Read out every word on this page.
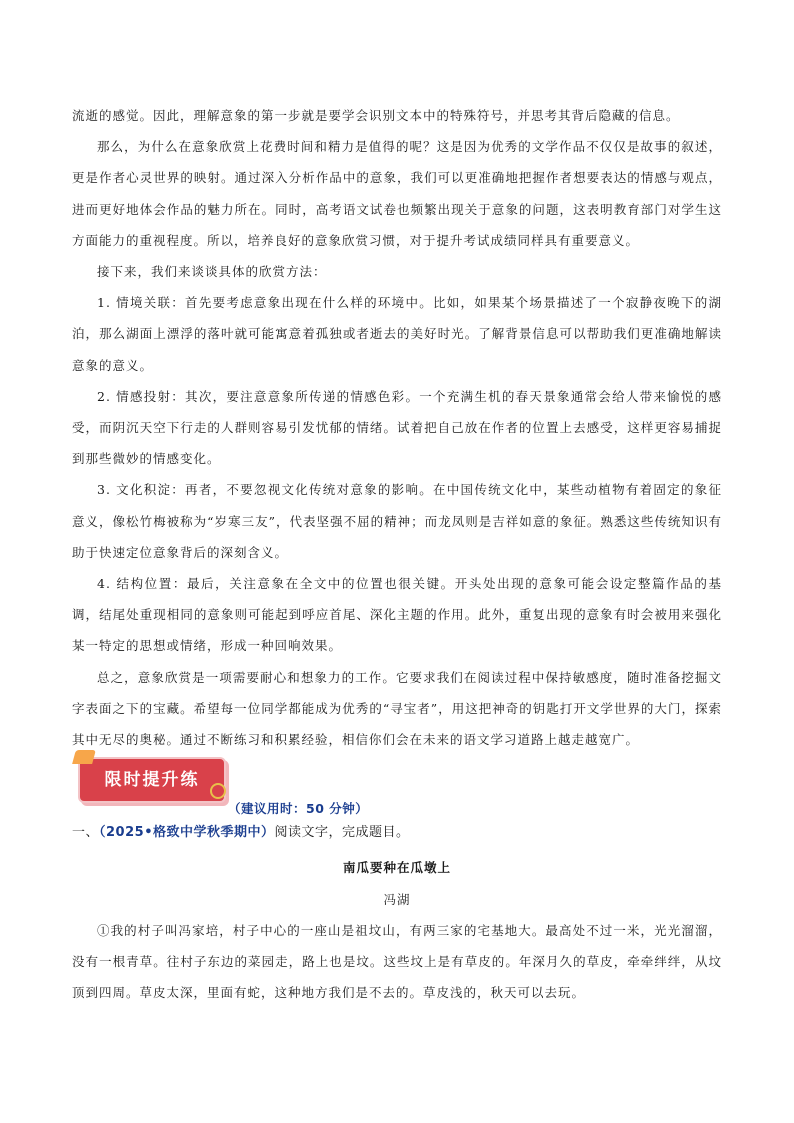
流逝的感觉。因此，理解意象的第一步就是要学会识别文本中的特殊符号，并思考其背后隐藏的信息。

那么，为什么在意象欣赏上花费时间和精力是值得的呢？这是因为优秀的文学作品不仅仅是故事的叙述，更是作者心灵世界的映射。通过深入分析作品中的意象，我们可以更准确地把握作者想要表达的情感与观点，进而更好地体会作品的魅力所在。同时，高考语文试卷也频繁出现关于意象的问题，这表明教育部门对学生这方面能力的重视程度。所以，培养良好的意象欣赏习惯，对于提升考试成绩同样具有重要意义。

接下来，我们来谈谈具体的欣赏方法：

1. 情境关联：首先要考虑意象出现在什么样的环境中。比如，如果某个场景描述了一个寂静夜晚下的湖泊，那么湖面上漂浮的落叶就可能寓意着孤独或者逝去的美好时光。了解背景信息可以帮助我们更准确地解读意象的意义。

2. 情感投射：其次，要注意意象所传递的情感色彩。一个充满生机的春天景象通常会给人带来愉悦的感受，而阴沉天空下行走的人群则容易引发忧郁的情绪。试着把自己放在作者的位置上去感受，这样更容易捕捉到那些微妙的情感变化。

3. 文化积淀：再者，不要忽视文化传统对意象的影响。在中国传统文化中，某些动植物有着固定的象征意义，像松竹梅被称为“岁寒三友”，代表坚强不屈的精神；而龙凤则是吉祥如意的象征。熟悉这些传统知识有助于快速定位意象背后的深刻含义。

4. 结构位置：最后，关注意象在全文中的位置也很关键。开头处出现的意象可能会设定整篇作品的基调，结尾处重现相同的意象则可能起到呼应首尾、深化主题的作用。此外，重复出现的意象有时会被用来强化某一特定的思想或情绪，形成一种回响效果。

总之，意象欣赏是一项需要耐心和想象力的工作。它要求我们在阅读过程中保持敏感度，随时准备挖掘文字表面之下的宝藏。希望每一位同学都能成为优秀的“寻宝者”，用这把神奇的钥匙打开文学世界的大门，探索其中无尽的奥秘。通过不断练习和积累经验，相信你们会在未来的语文学习道路上越走越宽广。

限时提升练
（建议用时：50 分钟）

一、（2025•格致中学秋季期中）阅读文字，完成题目。

南瓜要种在瓜墩上

冯湖

①我的村子叫冯家培，村子中心的一座山是祖坟山，有两三家的宅基地大。最高处不过一米，光光溜溜，没有一根青草。往村子东边的菜园走，路上也是坟。这些坟上是有草皮的。年深月久的草皮，牵牵绊绊，从坟顶到四周。草皮太深，里面有蛇，这种地方我们是不去的。草皮浅的，秋天可以去玩。
